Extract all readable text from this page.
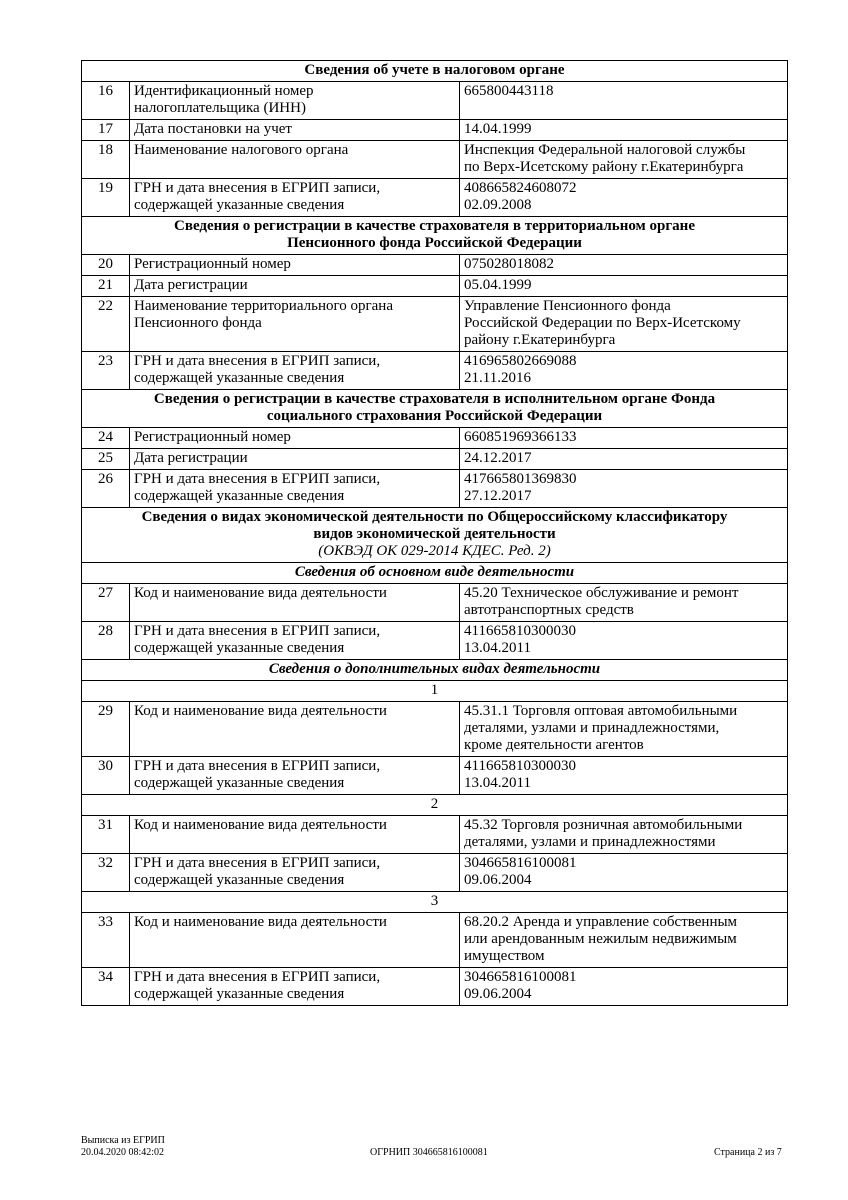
Сведения об учете в налоговом органе		

16	Идентификационный номер
налогоплательщика (ИНН)	665800443118

17	Дата постановки на учет	14.04.1999

18	Наименование налогового органа	Инспекция Федеральной налоговой службы
по Верх-Исетскому району г.Екатеринбурга

19	ГРН и дата внесения в ЕГРИП записи,
содержащей указанные сведения	408665824608072
02.09.2008

Сведения о регистрации в качестве страхователя в территориальном органе
Пенсионного фонда Российской Федерации		

20	Регистрационный номер	075028018082

21	Дата регистрации	05.04.1999

22	Наименование территориального органа
Пенсионного фонда	Управление Пенсионного фонда
Российской Федерации по Верх-Исетскому
району г.Екатеринбурга

23	ГРН и дата внесения в ЕГРИП записи,
содержащей указанные сведения	416965802669088
21.11.2016

Сведения о регистрации в качестве страхователя в исполнительном органе Фонда
социального страхования Российской Федерации		

24	Регистрационный номер	660851969366133

25	Дата регистрации	24.12.2017

26	ГРН и дата внесения в ЕГРИП записи,
содержащей указанные сведения	417665801369830
27.12.2017

Сведения о видах экономической деятельности по Общероссийскому классификатору
видов экономической деятельности
(ОКВЭД ОК 029-2014 КДЕС. Ред. 2)		

Сведения об основном виде деятельности		
27	Код и наименование вида деятельности	45.20 Техническое обслуживание и ремонт
автотранспортных средств

28	ГРН и дата внесения в ЕГРИП записи,
содержащей указанные сведения	411665810300030
13.04.2011

Сведения о дополнительных видах деятельности		
1		
29	Код и наименование вида деятельности	45.31.1 Торговля оптовая автомобильными
деталями, узлами и принадлежностями,
кроме деятельности агентов

30	ГРН и дата внесения в ЕГРИП записи,
содержащей указанные сведения	411665810300030
13.04.2011

2		
31	Код и наименование вида деятельности	45.32 Торговля розничная автомобильными
деталями, узлами и принадлежностями

32	ГРН и дата внесения в ЕГРИП записи,
содержащей указанные сведения	304665816100081
09.06.2004

3		
33	Код и наименование вида деятельности	68.20.2 Аренда и управление собственным
или арендованным нежилым недвижимым
имуществом

34	ГРН и дата внесения в ЕГРИП записи,
содержащей указанные сведения	304665816100081
09.06.2004
Выписка из ЕГРИП
20.04.2020 08:42:02	ОГРНИП 304665816100081	Страница 2 из 7
